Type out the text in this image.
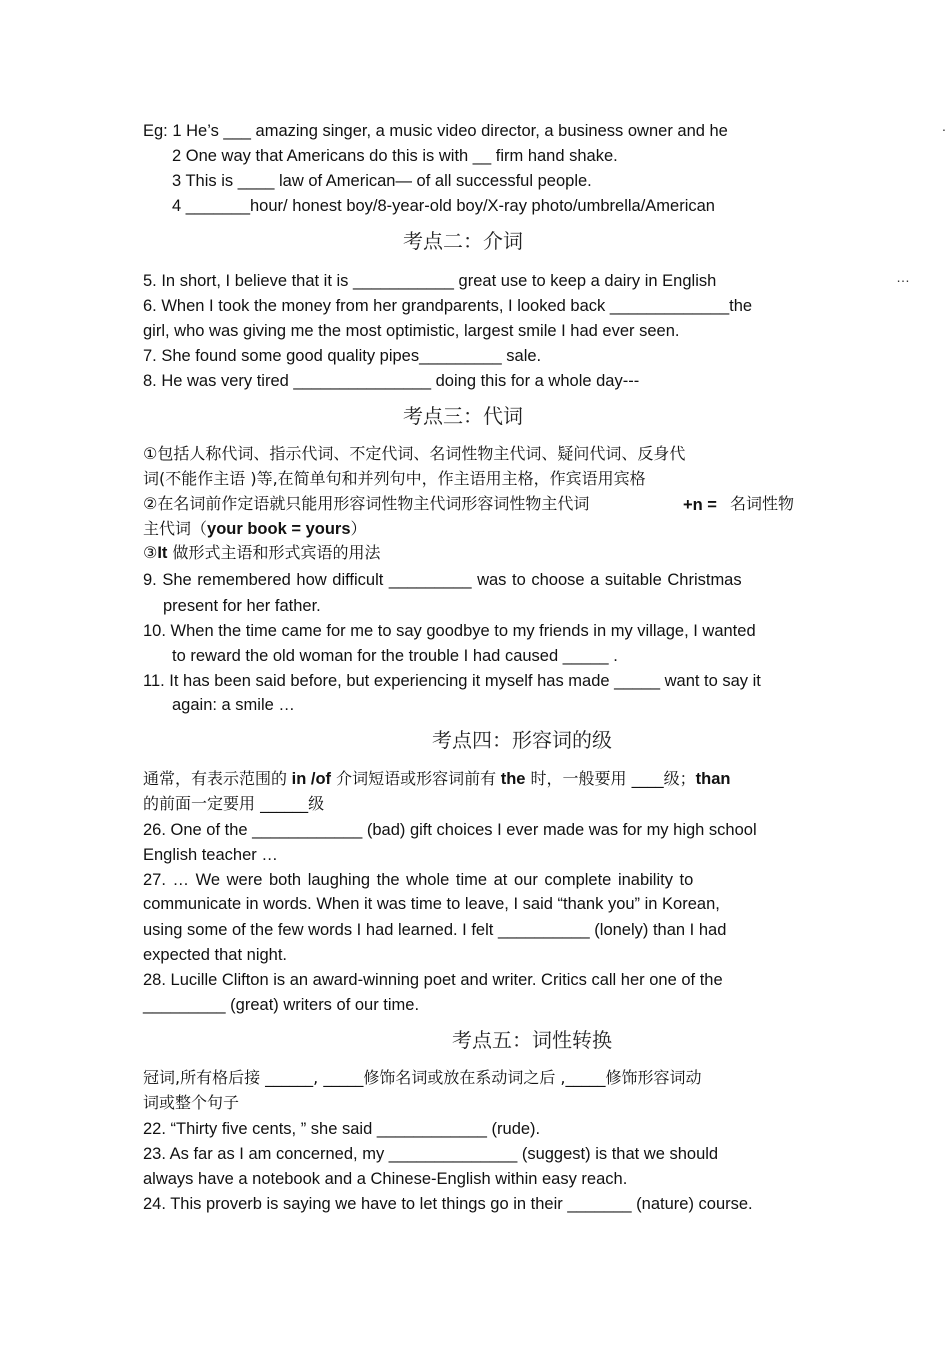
.
Eg: 1 He’s ___ amazing singer, a music video director, a business owner and he
2 One way that Americans do this is with __ firm hand shake.
3 This is ____ law of American— of all successful people.
4 _______hour/ honest boy/8-year-old boy/X-ray photo/umbrella/American
考点二：介词
5. In short, I believe that it is ___________ great use to keep a dairy in English	…
6. When I took the money from her grandparents, I looked back _____________the
girl, who was giving me the most optimistic, largest smile I had ever seen.
7. She found some good quality pipes_________ sale.
8. He was very tired _______________ doing this for a whole day---
考点三：代词
①包括人称代词、指示代词、不定代词、名词性物主代词、疑问代词、反身代
词(不能作主语 )等,在简单句和并列句中，作主语用主格，作宾语用宾格
②在名词前作定语就只能用形容词性物主代词形容词性物主代词	+n = 名词性物
主代词（your book = yours）
③It 做形式主语和形式宾语的用法
9. She remembered how difficult _________ was to choose a suitable Christmas
present for her father.
10. When the time came for me to say goodbye to my friends in my village, I wanted
to reward the old woman for the trouble I had caused _____ .
11. It has been said before, but experiencing it myself has made _____ want to say it
again: a smile …
考点四：形容词的级
通常，有表示范围的 in /of 介词短语或形容词前有 the 时，一般要用 ____级；than
的前面一定要用 ______级
26. One of the ____________ (bad) gift choices I ever made was for my high school
English teacher …
27. … We were both laughing the whole time at our complete inability to
communicate in words. When it was time to leave, I said “thank you” in Korean,
using some of the few words I had learned. I felt __________ (lonely) than I had
expected that night.
28. Lucille Clifton is an award-winning poet and writer. Critics call her one of the
_________ (great) writers of our time.
考点五：词性转换
冠词,所有格后接 ______, _____修饰名词或放在系动词之后 ,_____修饰形容词动
词或整个句子
22. “Thirty five cents, ” she said ____________ (rude).
23. As far as I am concerned, my ______________ (suggest) is that we should
always have a notebook and a Chinese-English within easy reach.
24. This proverb is saying we have to let things go in their _______ (nature) course.
